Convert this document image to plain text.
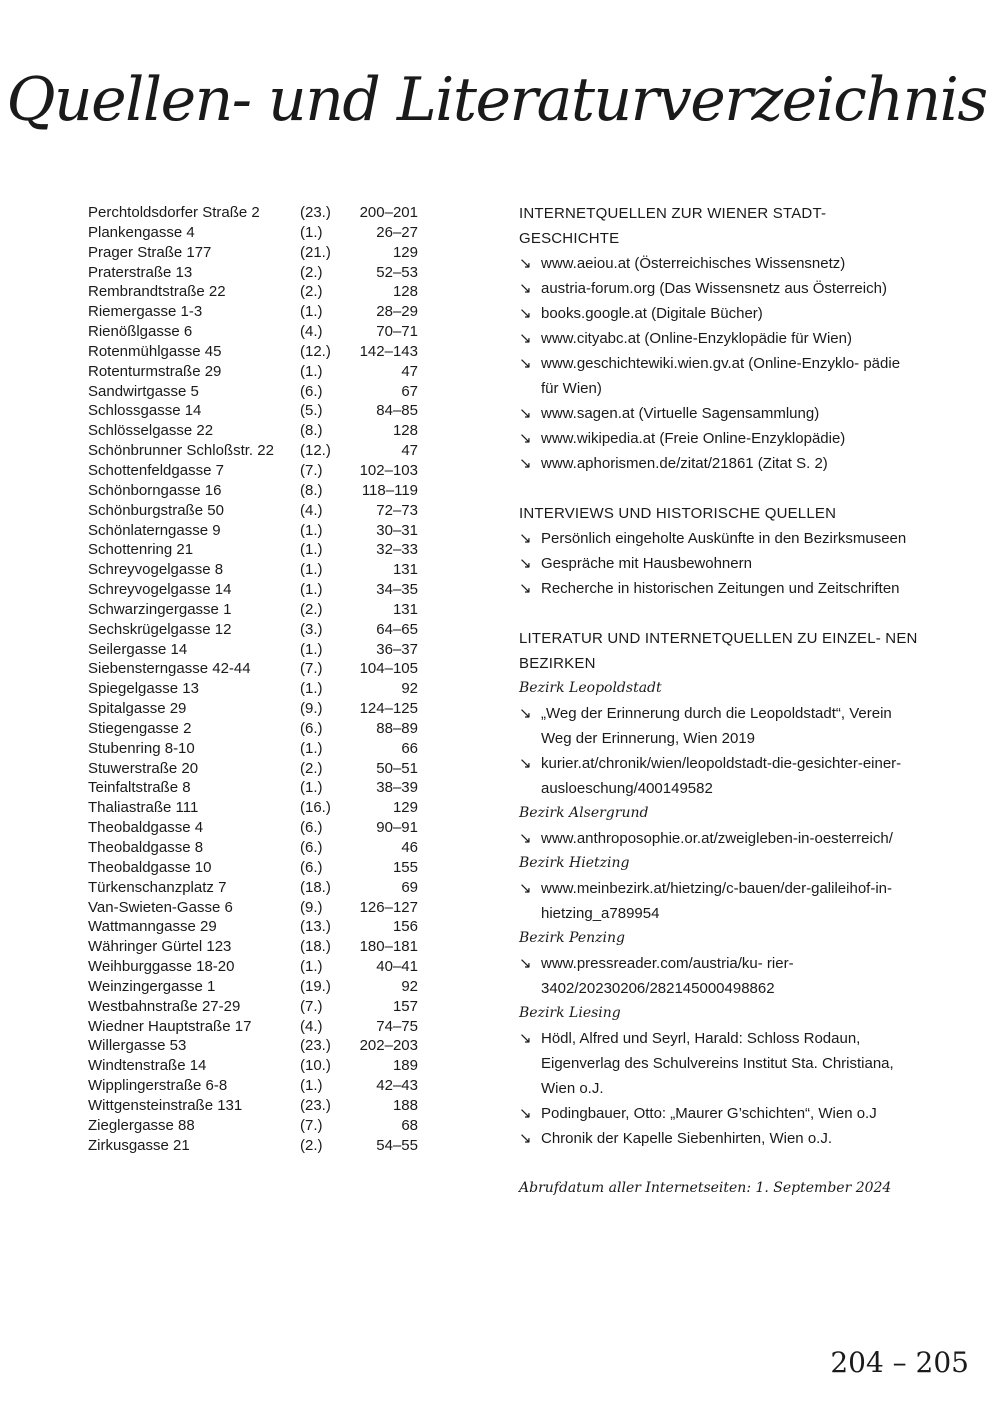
Quellen- und Literaturverzeichnis
Perchtoldsdorfer Straße 2	(23.)	200–201
Plankengasse 4	(1.)	26–27
Prager Straße 177	(21.)	129
Praterstraße 13	(2.)	52–53
Rembrandtstraße 22	(2.)	128
Riemergasse 1-3	(1.)	28–29
Rienößlgasse 6	(4.)	70–71
Rotenmühlgasse 45	(12.)	142–143
Rotenturmstraße 29	(1.)	47
Sandwirtgasse 5	(6.)	67
Schlossgasse 14	(5.)	84–85
Schlösselgasse 22	(8.)	128
Schönbrunner Schloßstr. 22	(12.)	47
Schottenfeldgasse 7	(7.)	102–103
Schönborngasse 16	(8.)	118–119
Schönburgstraße 50	(4.)	72–73
Schönlaterngasse 9	(1.)	30–31
Schottenring 21	(1.)	32–33
Schreyvogelgasse 8	(1.)	131
Schreyvogelgasse 14	(1.)	34–35
Schwarzingergasse 1	(2.)	131
Sechskrügelgasse 12	(3.)	64–65
Seilergasse 14	(1.)	36–37
Siebensterngasse 42-44	(7.)	104–105
Spiegelgasse 13	(1.)	92
Spitalgasse 29	(9.)	124–125
Stiegengasse 2	(6.)	88–89
Stubenring 8-10	(1.)	66
Stuwerstraße 20	(2.)	50–51
Teinfaltstraße 8	(1.)	38–39
Thaliastraße 111	(16.)	129
Theobaldgasse 4	(6.)	90–91
Theobaldgasse 8	(6.)	46
Theobaldgasse 10	(6.)	155
Türkenschanzplatz 7	(18.)	69
Van-Swieten-Gasse 6	(9.)	126–127
Wattmanngasse 29	(13.)	156
Währinger Gürtel 123	(18.)	180–181
Weihburggasse 18-20	(1.)	40–41
Weinzingergasse 1	(19.)	92
Westbahnstraße 27-29	(7.)	157
Wiedner Hauptstraße 17	(4.)	74–75
Willergasse 53	(23.)	202–203
Windtenstraße 14	(10.)	189
Wipplingerstraße 6-8	(1.)	42–43
Wittgensteinstraße 131	(23.)	188
Zieglergasse 88	(7.)	68
Zirkusgasse 21	(2.)	54–55
INTERNETQUELLEN ZUR WIENER STADT- GESCHICHTE
↘ www.aeiou.at (Österreichisches Wissensnetz)
↘ austria-forum.org (Das Wissensnetz aus Österreich)
↘ books.google.at (Digitale Bücher)
↘ www.cityabc.at (Online-Enzyklopädie für Wien)
↘ www.geschichtewiki.wien.gv.at (Online-Enzyklo- pädie für Wien)
↘ www.sagen.at (Virtuelle Sagensammlung)
↘ www.wikipedia.at (Freie Online-Enzyklopädie)
↘ www.aphorismen.de/zitat/21861 (Zitat S. 2)
INTERVIEWS UND HISTORISCHE QUELLEN
↘ Persönlich eingeholte Auskünfte in den Bezirksmuseen
↘ Gespräche mit Hausbewohnern
↘ Recherche in historischen Zeitungen und Zeitschriften
LITERATUR UND INTERNETQUELLEN ZU EINZEL- NEN BEZIRKEN
Bezirk Leopoldstadt
↘ „Weg der Erinnerung durch die Leopoldstadt“, Verein Weg der Erinnerung, Wien 2019
↘ kurier.at/chronik/wien/leopoldstadt-die-gesichter-einer-ausloeschung/400149582
Bezirk Alsergrund
↘ www.anthroposophie.or.at/zweigleben-in-oesterreich/
Bezirk Hietzing
↘ www.meinbezirk.at/hietzing/c-bauen/der-galileihof-in-hietzing_a789954
Bezirk Penzing
↘ www.pressreader.com/austria/ku- rier-3402/20230206/282145000498862
Bezirk Liesing
↘ Hödl, Alfred und Seyrl, Harald: Schloss Rodaun, Eigenverlag des Schulvereins Institut Sta. Christiana, Wien o.J.
↘ Podingbauer, Otto: „Maurer G’schichten“, Wien o.J
↘ Chronik der Kapelle Siebenhirten, Wien o.J.
Abrufdatum aller Internetseiten: 1. September 2024
204 – 205
